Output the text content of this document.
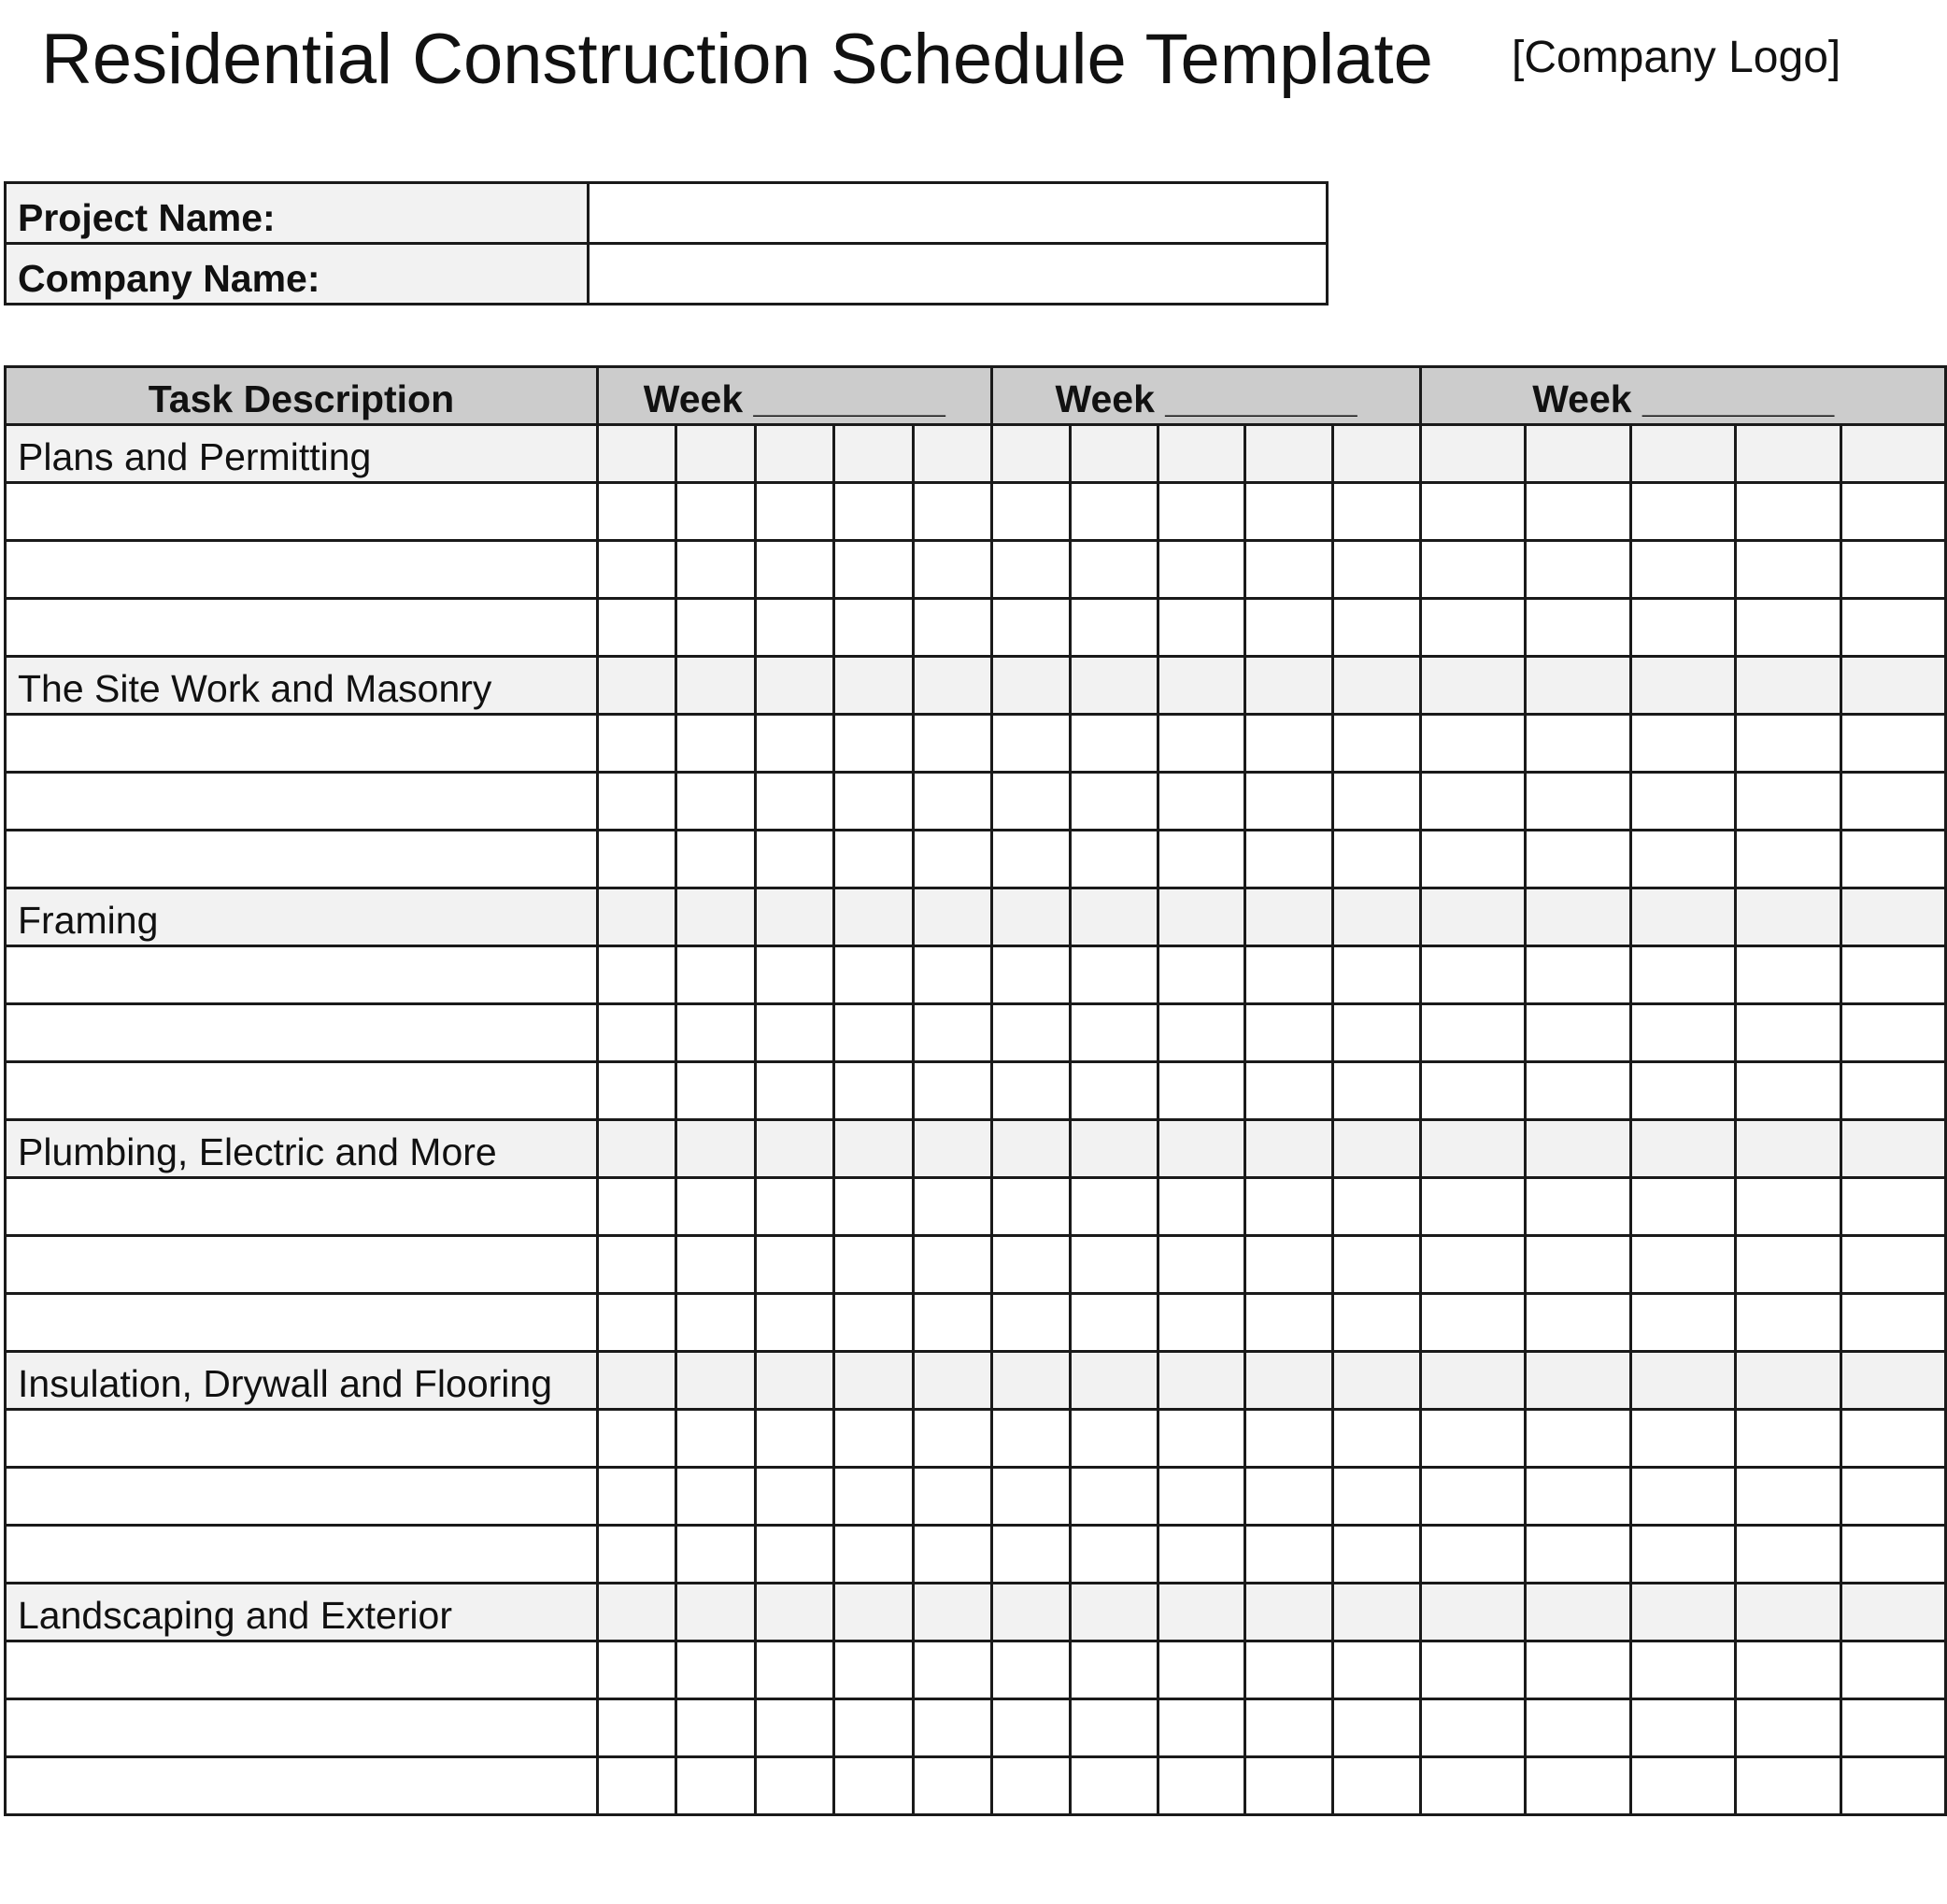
Residential Construction Schedule Template [Company Logo]
Project Name:	
Company Name:	
Task Description	Week _________					Week _________					Week _________				
Plans and Permitting															

The Site Work and Masonry															

Framing															

Plumbing, Electric and More															

Insulation, Drywall and Flooring															

Landscaping and Exterior															
